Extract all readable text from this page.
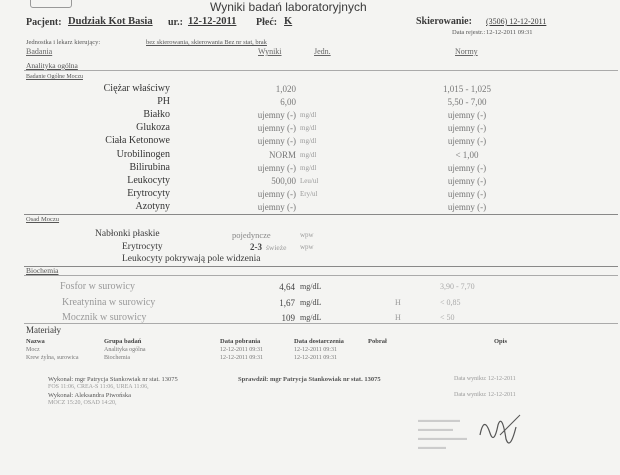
Wyniki badań laboratoryjnych
Pacjent: Dudziak Kot Basia ur.: 12-12-2011 Płeć: K	Skierowanie: (3506) 12-12-2011
Data rejestr.: 12-12-2011 09:31
Jednostka i lekarz kierujący:	bez skierowania, skierowania Bez nr stat, brak
Badania	Wyniki	Jedn.	Normy
Analityka ogólna
Badanie Ogólne Moczu
Ciężar właściwy	1,020	1,015 - 1,025
PH	6,00	5,50 - 7,00
Białko	ujemny (-) mg/dl	ujemny (-)
Glukoza	ujemny (-) mg/dl	ujemny (-)
Ciała Ketonowe	ujemny (-) mg/dl	ujemny (-)
Urobilinogen	NORM mg/dl	< 1,00
Bilirubina	ujemny (-) mg/dl	ujemny (-)
Leukocyty	500,00 Leu/ul	ujemny (-)
Erytrocyty	ujemny (-) Ery/ul	ujemny (-)
Azotyny	ujemny (-)	ujemny (-)
Osad Moczu
Nabłonki płaskie	pojedyncze	wpw
Erytrocyty	2-3 świeże wpw
Leukocyty pokrywają pole widzenia
Biochemia
Fosfor w surowicy	4,64 mg/dL	3,90 - 7,70
Kreatynina w surowicy	1,67 mg/dL	H	< 0,85
Mocznik w surowicy	109 mg/dL	H	< 50
Materiały
Nazwa	Grupa badań	Data pobrania	Data dostarczenia	Pobrał	Opis
Mocz	Analityka ogólna	12-12-2011 09:31	12-12-2011 09:31
Krew żylna, surowica	Biochemia	12-12-2011 09:31	12-12-2011 09:31
Wykonał: mgr Patrycja Stankowiak nr stat. 13075	Sprawdził: mgr Patrycja Stankowiak nr stat. 13075	Data wyniku: 12-12-2011
FOS 11:06, CREA-S 11:06, UREA 11:06,
Wykonał: Aleksandra Piwońska	Data wyniku: 12-12-2011
MOCZ 15:20, OSAD 14:20,
▬▬▬▬▬▬
▬▬▬▬▬
▬▬▬▬▬▬▬
▬▬▬▬
